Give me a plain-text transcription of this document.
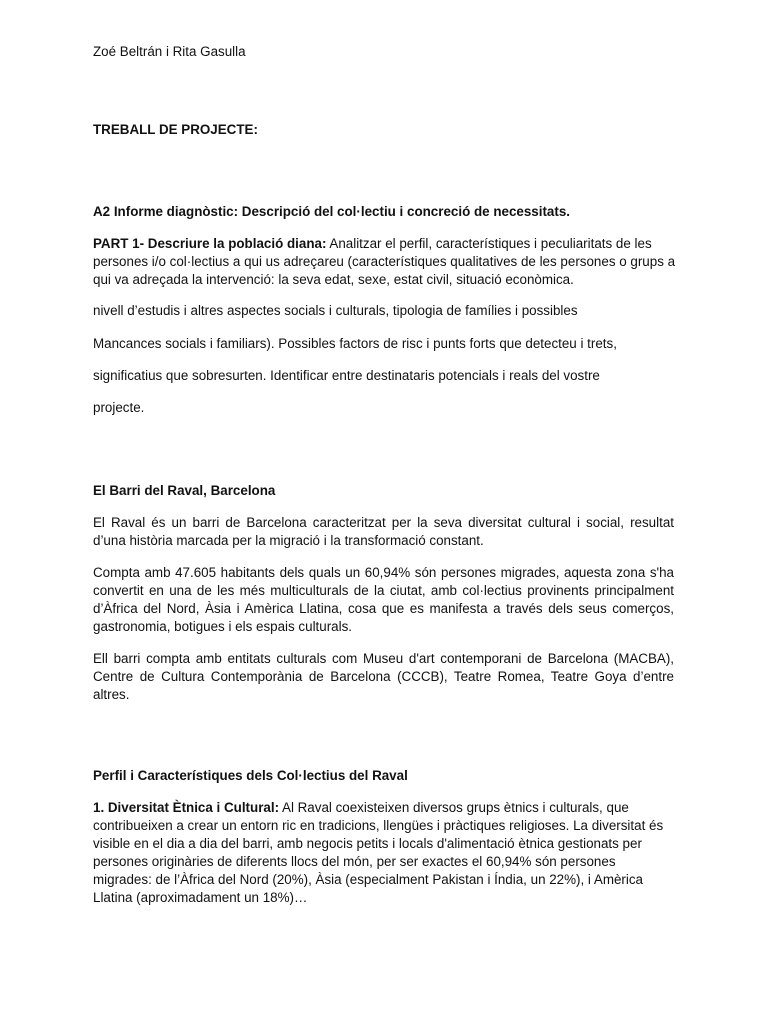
Zoé Beltrán i Rita Gasulla
TREBALL DE PROJECTE:
A2 Informe diagnòstic: Descripció del col·lectiu i concreció de necessitats.
PART 1- Descriure la població diana: Analitzar el perfil, característiques i peculiaritats de les persones i/o col·lectius a qui us adreçareu (característiques qualitatives de les persones o grups a qui va adreçada la intervenció: la seva edat, sexe, estat civil, situació econòmica.
nivell d’estudis i altres aspectes socials i culturals, tipologia de famílies i possibles
Mancances socials i familiars). Possibles factors de risc i punts forts que detecteu i trets,
significatius que sobresurten. Identificar entre destinataris potencials i reals del vostre
projecte.
El Barri del Raval, Barcelona
El Raval és un barri de Barcelona caracteritzat per la seva diversitat cultural i social, resultat d’una història marcada per la migració i la transformació constant.
Compta amb 47.605 habitants dels quals un 60,94% són persones migrades, aquesta zona s'ha convertit en una de les més multiculturals de la ciutat, amb col·lectius provinents principalment d’Àfrica del Nord, Àsia i Amèrica Llatina, cosa que es manifesta a través dels seus comerços, gastronomia, botigues i els espais culturals.
Ell barri compta amb entitats culturals com Museu d'art contemporani de Barcelona (MACBA), Centre de Cultura Contemporània de Barcelona (CCCB), Teatre Romea, Teatre Goya d’entre altres.
Perfil i Característiques dels Col·lectius del Raval
1. Diversitat Ètnica i Cultural: Al Raval coexisteixen diversos grups ètnics i culturals, que contribueixen a crear un entorn ric en tradicions, llengües i pràctiques religioses. La diversitat és visible en el dia a dia del barri, amb negocis petits i locals d'alimentació ètnica gestionats per persones originàries de diferents llocs del món, per ser exactes el 60,94% són persones migrades: de l’Àfrica del Nord (20%), Àsia (especialment Pakistan i Índia, un 22%), i Amèrica Llatina (aproximadament un 18%)…
